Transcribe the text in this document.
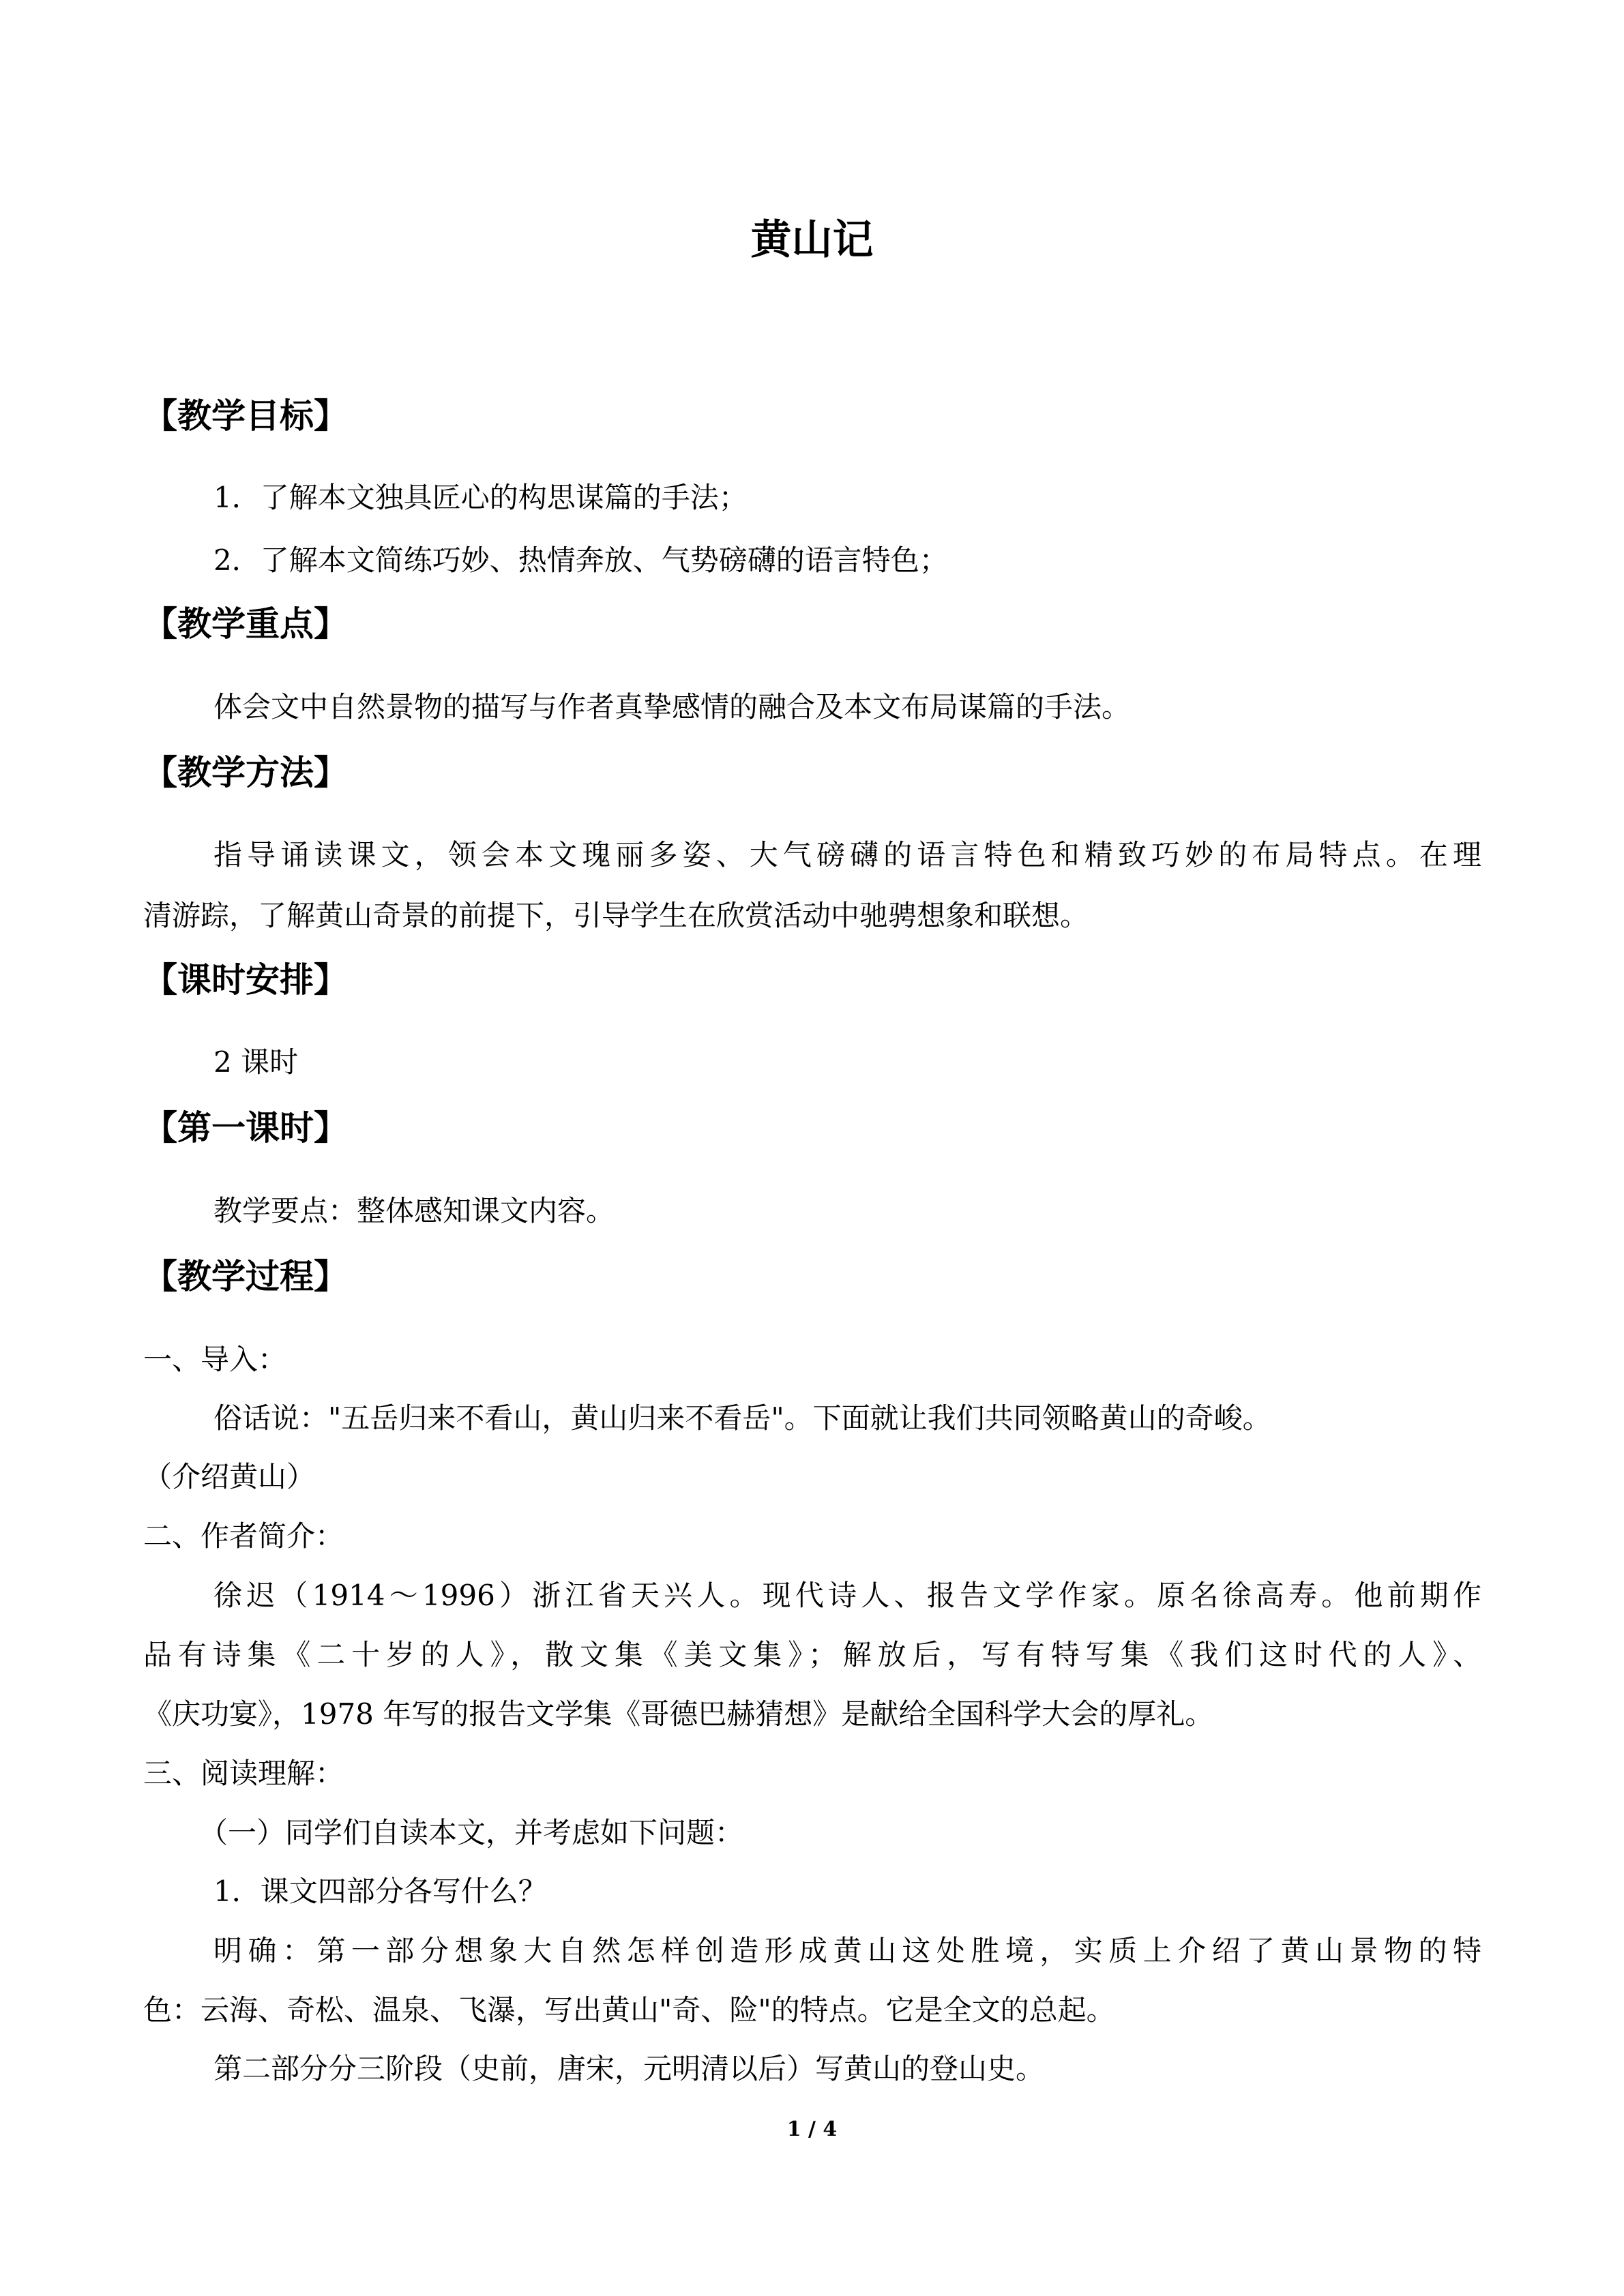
黄山记
【教学目标】
1．了解本文独具匠心的构思谋篇的手法；
2．了解本文简练巧妙、热情奔放、气势磅礴的语言特色；
【教学重点】
体会文中自然景物的描写与作者真挚感情的融合及本文布局谋篇的手法。
【教学方法】
指导诵读课文，领会本文瑰丽多姿、大气磅礴的语言特色和精致巧妙的布局特点。在理
清游踪，了解黄山奇景的前提下，引导学生在欣赏活动中驰骋想象和联想。
【课时安排】
2 课时
【第一课时】
教学要点：整体感知课文内容。
【教学过程】
一、导入：
俗话说："五岳归来不看山，黄山归来不看岳"。下面就让我们共同领略黄山的奇峻。
（介绍黄山）
二、作者简介：
徐迟（1914～1996）浙江省天兴人。现代诗人、报告文学作家。原名徐高寿。他前期作
品有诗集《二十岁的人》，散文集《美文集》；解放后，写有特写集《我们这时代的人》、
《庆功宴》，1978 年写的报告文学集《哥德巴赫猜想》是献给全国科学大会的厚礼。
三、阅读理解：
（一）同学们自读本文，并考虑如下问题：
1．课文四部分各写什么？
明确：第一部分想象大自然怎样创造形成黄山这处胜境，实质上介绍了黄山景物的特
色：云海、奇松、温泉、飞瀑，写出黄山"奇、险"的特点。它是全文的总起。
第二部分分三阶段（史前，唐宋，元明清以后）写黄山的登山史。
1 / 4
